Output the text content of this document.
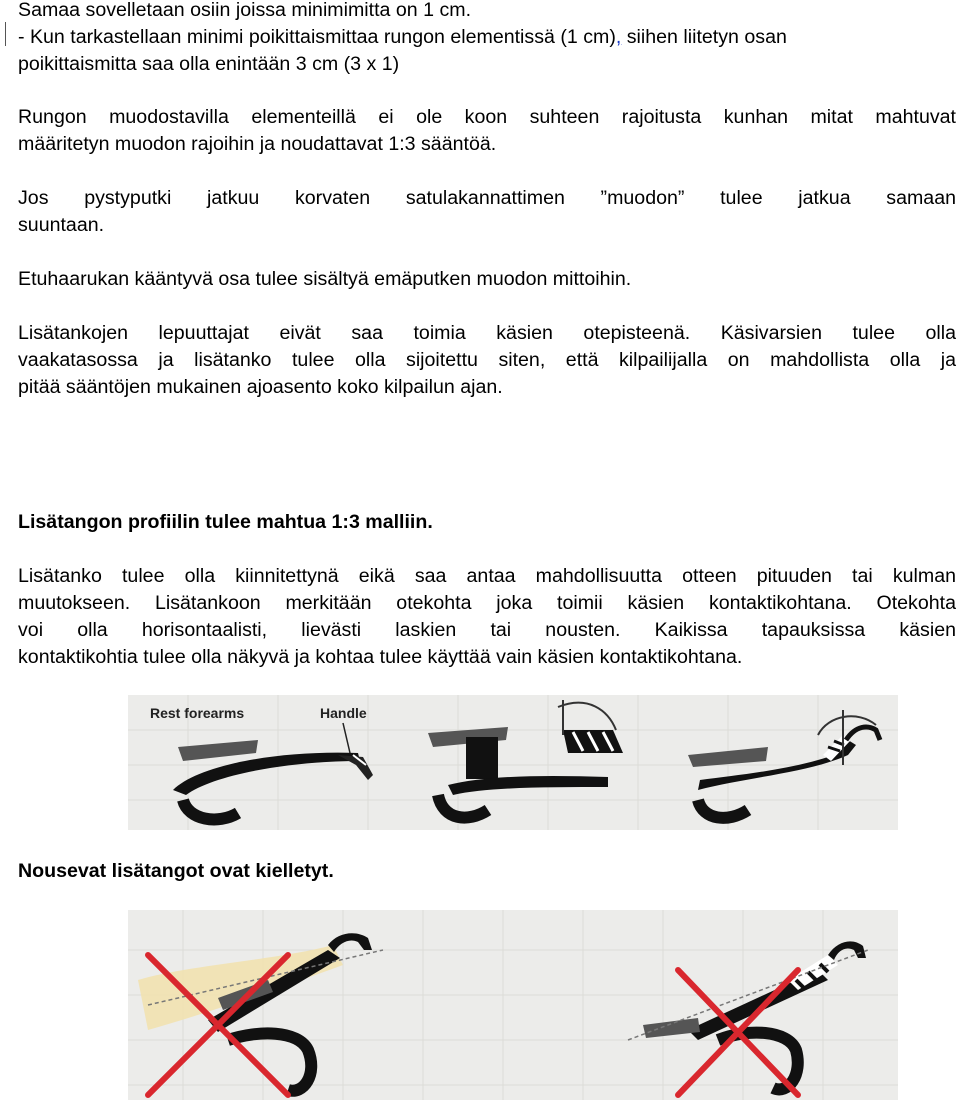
Samaa sovelletaan osiin joissa minimimitta on 1 cm.
- Kun tarkastellaan minimi poikittaismittaa rungon elementissä (1 cm), siihen liitetyn osan
poikittaismitta saa olla enintään 3 cm (3 x 1)
Rungon muodostavilla elementeillä ei ole koon suhteen rajoitusta kunhan mitat mahtuvat
määritetyn muodon rajoihin ja noudattavat 1:3 sääntöä.
Jos pystyputki jatkuu korvaten satulakannattimen ”muodon” tulee jatkua samaan
suuntaan.
Etuhaarukan kääntyvä osa tulee sisältyä emäputken muodon mittoihin.
Lisätankojen lepuuttajat eivät saa toimia käsien otepisteenä. Käsivarsien tulee olla
vaakatasossa ja lisätanko tulee olla sijoitettu siten, että kilpailijalla on mahdollista olla ja
pitää sääntöjen mukainen ajoasento koko kilpailun ajan.
Lisätangon profiilin tulee mahtua 1:3 malliin.
Lisätanko tulee olla kiinnitettynä eikä saa antaa mahdollisuutta otteen pituuden tai kulman
muutokseen. Lisätankoon merkitään otekohta joka toimii käsien kontaktikohtana. Otekohta
voi olla horisontaalisti, lievästi laskien tai nousten. Kaikissa tapauksissa käsien
kontaktikohtia tulee olla näkyvä ja kohtaa tulee käyttää vain käsien kontaktikohtana.
Rest forearms	Handle
Nousevat lisätangot ovat kielletyt.
